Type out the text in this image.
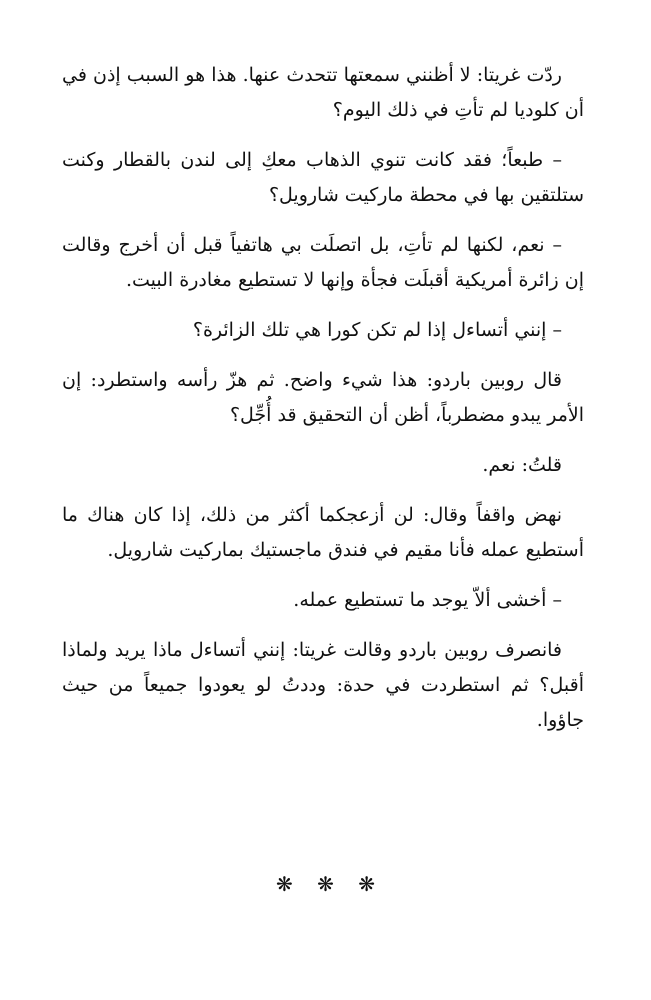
ردّت غريتا: لا أظنني سمعتها تتحدث عنها. هذا هو السبب إذن في أن كلوديا لم تأتِ في ذلك اليوم؟

– طبعاً؛ فقد كانت تنوي الذهاب معكِ إلى لندن بالقطار وكنت ستلتقين بها في محطة ماركيت شارويل؟

– نعم، لكنها لم تأتِ، بل اتصلَت بي هاتفياً قبل أن أخرج وقالت إن زائرة أمريكية أقبلَت فجأة وإنها لا تستطيع مغادرة البيت.

– إنني أتساءل إذا لم تكن كورا هي تلك الزائرة؟

قال روبين باردو: هذا شيء واضح. ثم هزّ رأسه واستطرد: إن الأمر يبدو مضطرباً، أظن أن التحقيق قد أُجِّل؟

قلتُ: نعم.

نهض واقفاً وقال: لن أزعجكما أكثر من ذلك، إذا كان هناك ما أستطيع عمله فأنا مقيم في فندق ماجستيك بماركيت شارويل.

– أخشى ألاّ يوجد ما تستطيع عمله.

فانصرف روبين باردو وقالت غريتا: إنني أتساءل ماذا يريد ولماذا أقبل؟ ثم استطردت في حدة: وددتُ لو يعودوا جميعاً من حيث جاؤوا.

❋ ❋ ❋
